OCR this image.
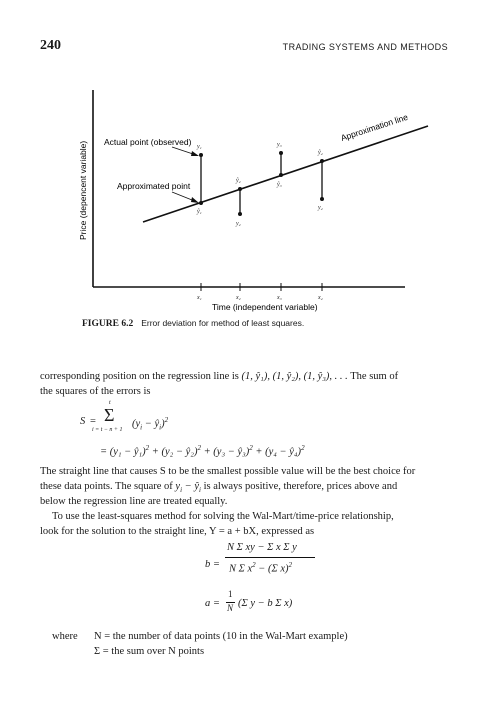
240	TRADING SYSTEMS AND METHODS
Price (depencent variable)
Time (independent variable)
Approximation line
y₁
ŷ₁
ŷ₂
y₂
y₃
ŷ₃
ŷ₄
y₄
Actual point (observed)
Approximated point
x₁	x₂	x₃	x₄
FIGURE 6.2 Error deviation for method of least squares.
corresponding position on the regression line is (1, ŷ₁), (1, ŷ₂), (1, ŷ₃), . . . The sum of
the squares of the errors is
S =
t
Σ
i = t − n + 1
($y_i$ − $ŷ_i)^2$
= (y₁ − ŷ₁)$^2$ + (y₂ − ŷ₂)$^2$ + (y₃ − ŷ₃)$^2$ + (y₄ − ŷ₄)$^2$
The straight line that causes S to be the smallest possible value will be the best choice for
these data points. The square of $y_i$ − $ŷ_i$ is always positive, therefore, prices above and
below the regression line are treated equally.
To use the least-squares method for solving the Wal-Mart/time-price relationship,
look for the solution to the straight line, Y = a + bX, expressed as
b =
N Σ xy − Σ x Σ y
N Σ $x^2 - (\Sigma$ x)$^2$
a =
1
N (Σ y − b Σ x)
where N = the number of data points (10 in the Wal-Mart example)
Σ = the sum over N points
